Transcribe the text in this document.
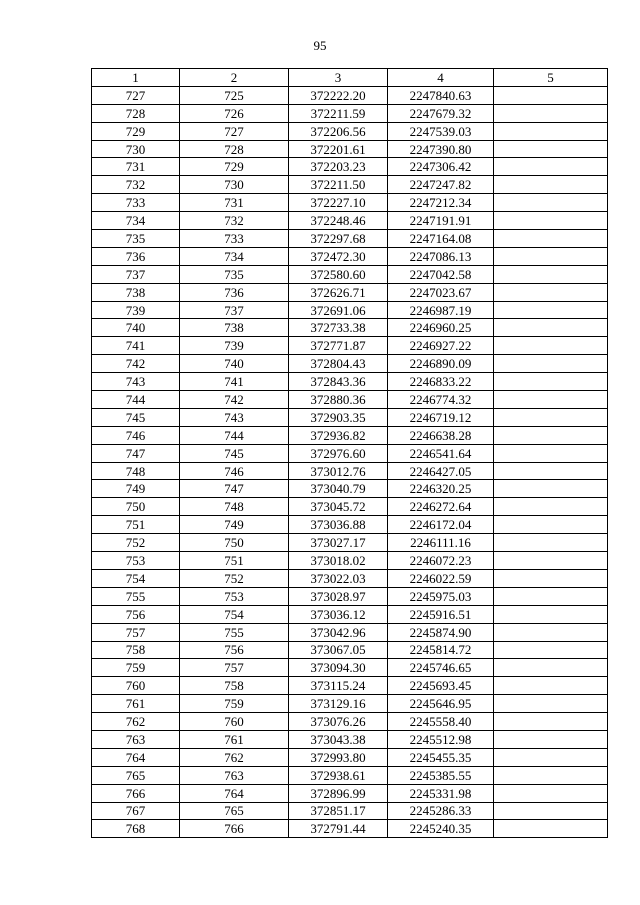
95
1	2	3	4	5
727	725	372222.20	2247840.63	
728	726	372211.59	2247679.32	
729	727	372206.56	2247539.03	
730	728	372201.61	2247390.80	
731	729	372203.23	2247306.42	
732	730	372211.50	2247247.82	
733	731	372227.10	2247212.34	
734	732	372248.46	2247191.91	
735	733	372297.68	2247164.08	
736	734	372472.30	2247086.13	
737	735	372580.60	2247042.58	
738	736	372626.71	2247023.67	
739	737	372691.06	2246987.19	
740	738	372733.38	2246960.25	
741	739	372771.87	2246927.22	
742	740	372804.43	2246890.09	
743	741	372843.36	2246833.22	
744	742	372880.36	2246774.32	
745	743	372903.35	2246719.12	
746	744	372936.82	2246638.28	
747	745	372976.60	2246541.64	
748	746	373012.76	2246427.05	
749	747	373040.79	2246320.25	
750	748	373045.72	2246272.64	
751	749	373036.88	2246172.04	
752	750	373027.17	2246111.16	
753	751	373018.02	2246072.23	
754	752	373022.03	2246022.59	
755	753	373028.97	2245975.03	
756	754	373036.12	2245916.51	
757	755	373042.96	2245874.90	
758	756	373067.05	2245814.72	
759	757	373094.30	2245746.65	
760	758	373115.24	2245693.45	
761	759	373129.16	2245646.95	
762	760	373076.26	2245558.40	
763	761	373043.38	2245512.98	
764	762	372993.80	2245455.35	
765	763	372938.61	2245385.55	
766	764	372896.99	2245331.98	
767	765	372851.17	2245286.33	
768	766	372791.44	2245240.35	
